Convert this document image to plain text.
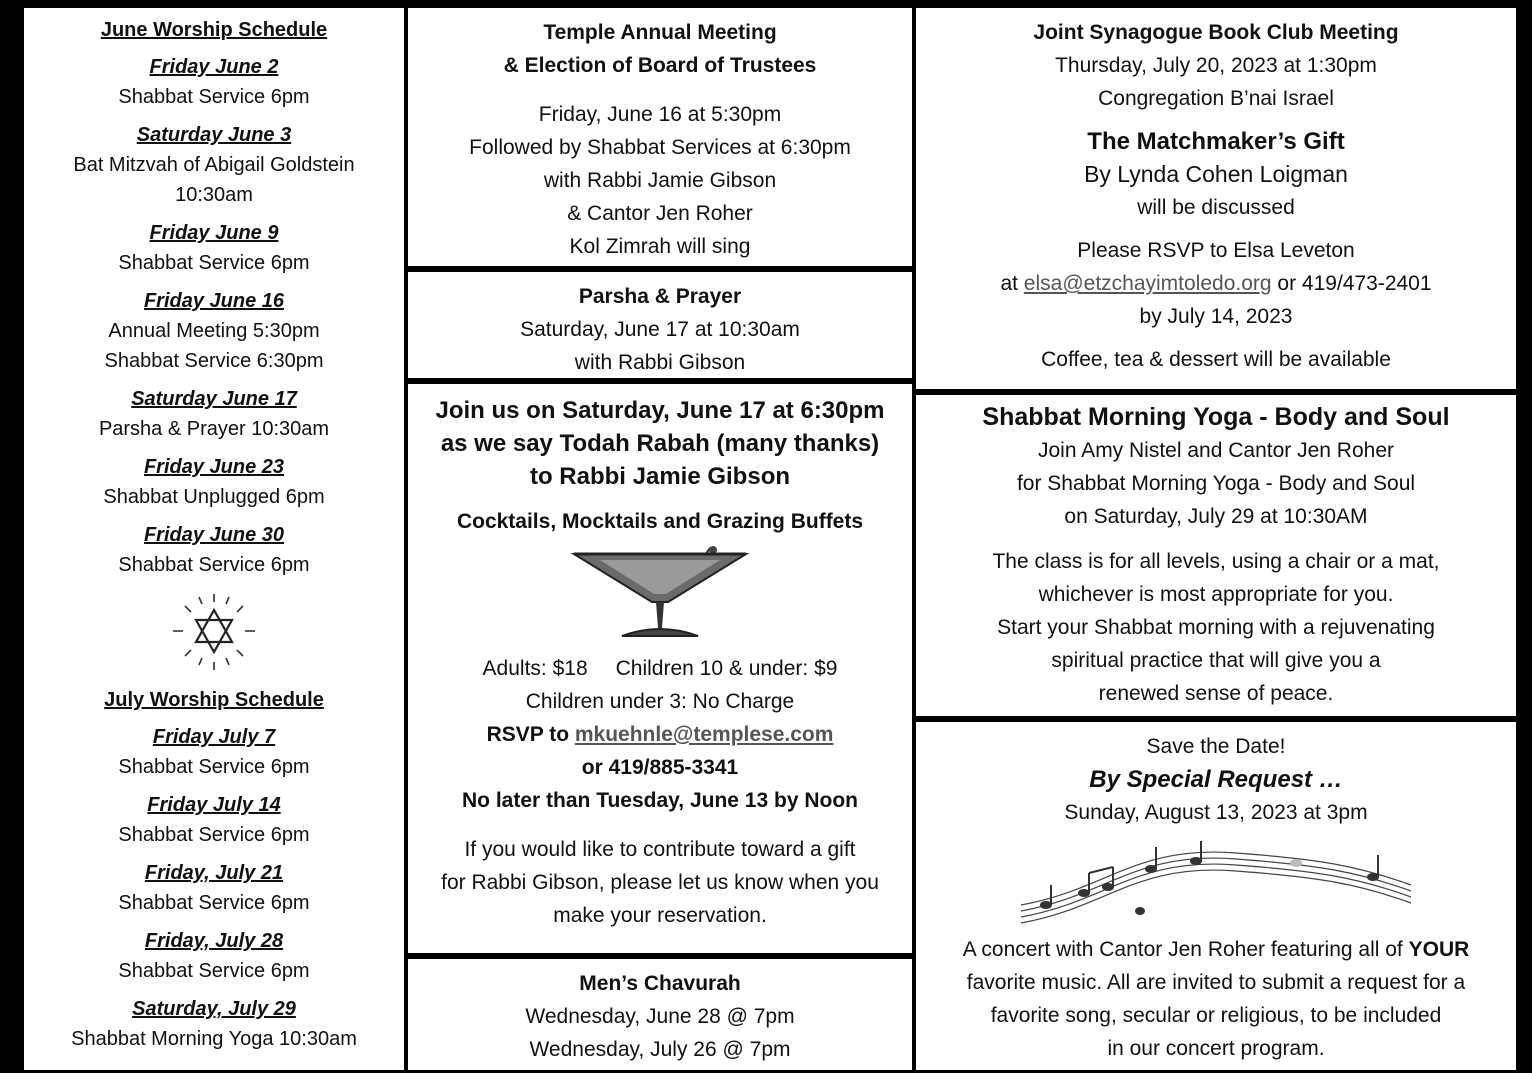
June Worship Schedule

Friday June 2

Shabbat Service 6pm

Saturday June 3

Bat Mitzvah of Abigail Goldstein

10:30am

Friday June 9

Shabbat Service 6pm

Friday June 16

Annual Meeting 5:30pm

Shabbat Service 6:30pm

Saturday June 17

Parsha & Prayer 10:30am

Friday June 23

Shabbat Unplugged 6pm

Friday June 30

Shabbat Service 6pm

July Worship Schedule

Friday July 7

Shabbat Service 6pm

Friday July 14

Shabbat Service 6pm

Friday, July 21

Shabbat Service 6pm

Friday, July 28

Shabbat Service 6pm

Saturday, July 29

Shabbat Morning Yoga 10:30am

Temple Annual Meeting

& Election of Board of Trustees

Friday, June 16 at 5:30pm

Followed by Shabbat Services at 6:30pm

with Rabbi Jamie Gibson

& Cantor Jen Roher

Kol Zimrah will sing

Parsha & Prayer

Saturday, June 17 at 10:30am

with Rabbi Gibson

Join us on Saturday, June 17 at 6:30pm

as we say Todah Rabah (many thanks)

to Rabbi Jamie Gibson

Cocktails, Mocktails and Grazing Buffets

Adults: $18 Children 10 & under: $9

Children under 3: No Charge

RSVP to mkuehnle@templese.com

or 419/885-3341

No later than Tuesday, June 13 by Noon

If you would like to contribute toward a gift

for Rabbi Gibson, please let us know when you

make your reservation.

Men’s Chavurah

Wednesday, June 28 @ 7pm

Wednesday, July 26 @ 7pm

Joint Synagogue Book Club Meeting

Thursday, July 20, 2023 at 1:30pm

Congregation B’nai Israel

The Matchmaker’s Gift

By Lynda Cohen Loigman

will be discussed

Please RSVP to Elsa Leveton

at elsa@etzchayimtoledo.org or 419/473-2401

by July 14, 2023

Coffee, tea & dessert will be available

Shabbat Morning Yoga - Body and Soul

Join Amy Nistel and Cantor Jen Roher

for Shabbat Morning Yoga - Body and Soul

on Saturday, July 29 at 10:30AM

The class is for all levels, using a chair or a mat,

whichever is most appropriate for you.

Start your Shabbat morning with a rejuvenating

spiritual practice that will give you a

renewed sense of peace.

Save the Date!

By Special Request …

Sunday, August 13, 2023 at 3pm

A concert with Cantor Jen Roher featuring all of YOUR

favorite music. All are invited to submit a request for a

favorite song, secular or religious, to be included

in our concert program.
